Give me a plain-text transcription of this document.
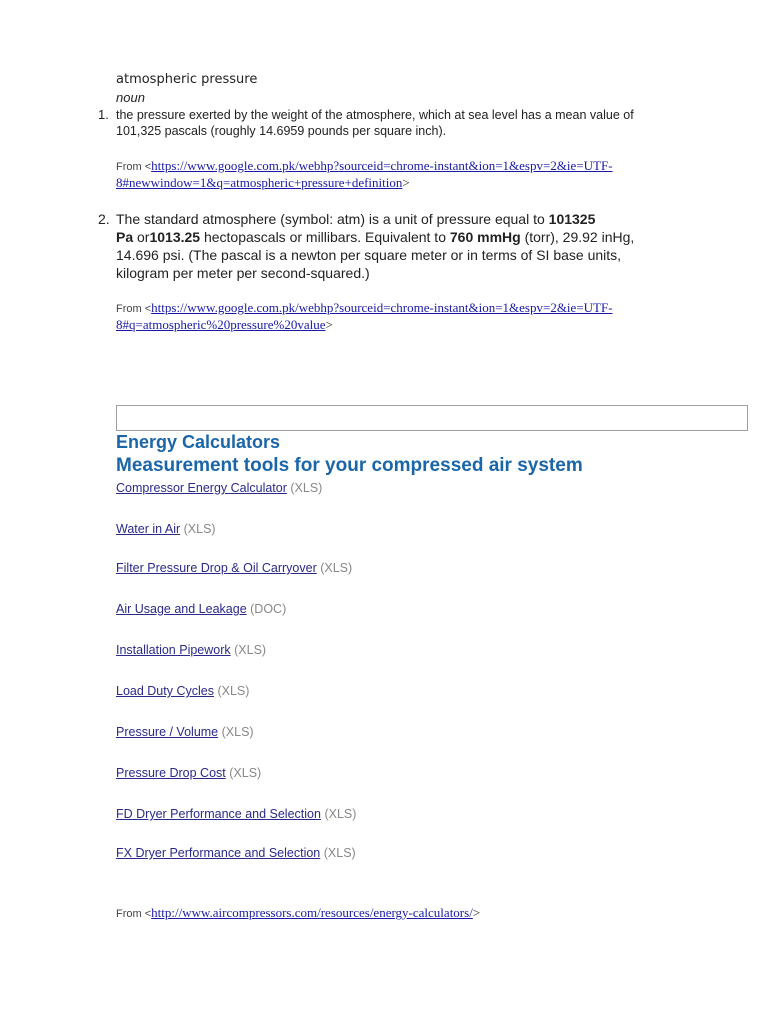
atmospheric pressure
noun
1. the pressure exerted by the weight of the atmosphere, which at sea level has a mean value of
101,325 pascals (roughly 14.6959 pounds per square inch).
From <https://www.google.com.pk/webhp?sourceid=chrome-instant&ion=1&espv=2&ie=UTF-
8#newwindow=1&q=atmospheric+pressure+definition>
2. The standard atmosphere (symbol: atm) is a unit of pressure equal to 101325
Pa or1013.25 hectopascals or millibars. Equivalent to 760 mmHg (torr), 29.92 inHg,
14.696 psi. (The pascal is a newton per square meter or in terms of SI base units,
kilogram per meter per second-squared.)
From <https://www.google.com.pk/webhp?sourceid=chrome-instant&ion=1&espv=2&ie=UTF-
8#q=atmospheric%20pressure%20value>
Energy Calculators
Measurement tools for your compressed air system
Compressor Energy Calculator (XLS)
Water in Air (XLS)
Filter Pressure Drop & Oil Carryover (XLS)
Air Usage and Leakage (DOC)
Installation Pipework (XLS)
Load Duty Cycles (XLS)
Pressure / Volume (XLS)
Pressure Drop Cost (XLS)
FD Dryer Performance and Selection (XLS)
FX Dryer Performance and Selection (XLS)
From <http://www.aircompressors.com/resources/energy-calculators/>
